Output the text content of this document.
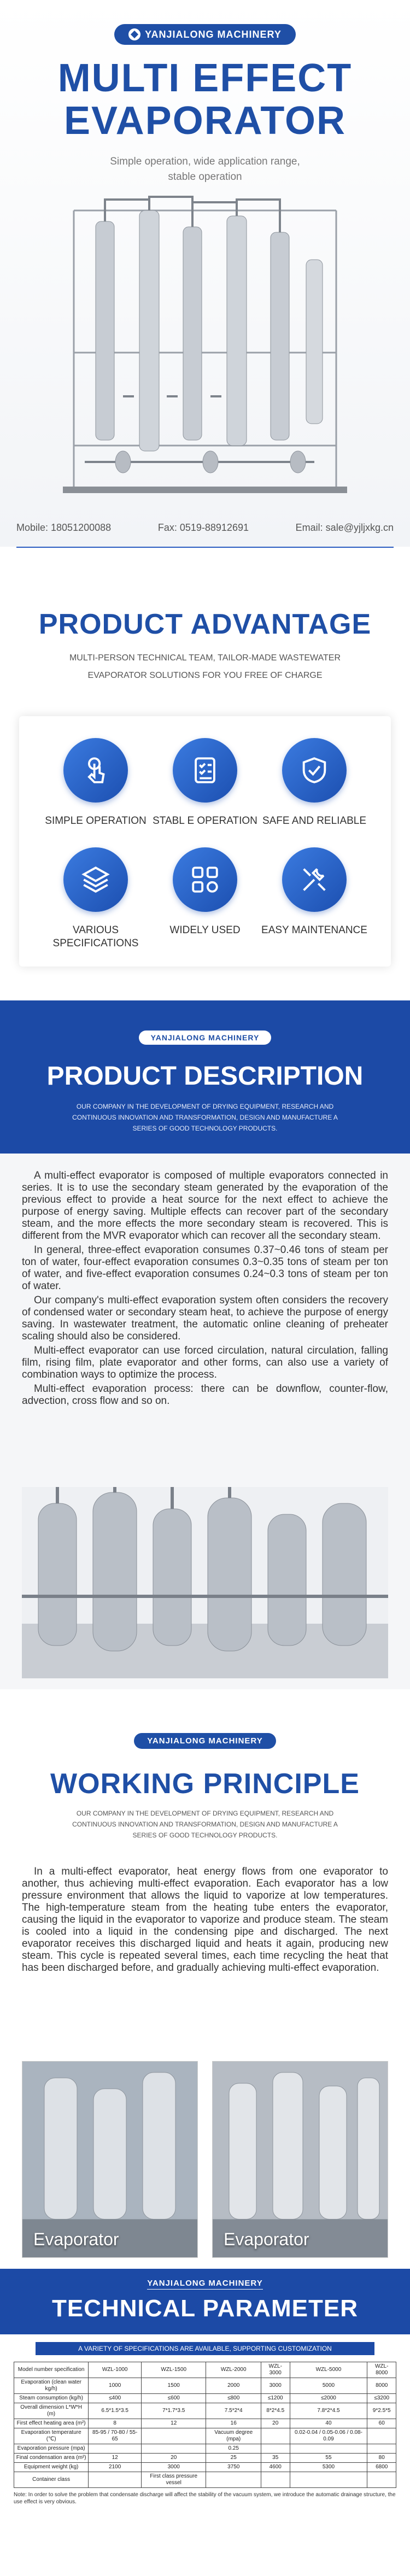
YANJIALONG MACHINERY
MULTI EFFECT
EVAPORATOR

Simple operation, wide application range, stable operation

Mobile: 18051200088	Fax: 0519-88912691	Email: sale@yjljxkg.cn
PRODUCT ADVANTAGE

MULTI-PERSON TECHNICAL TEAM, TAILOR-MADE WASTEWATER EVAPORATOR SOLUTIONS FOR YOU FREE OF CHARGE

SIMPLE OPERATION STABL E OPERATION SAFE AND RELIABLE
VARIOUS SPECIFICATIONS
WIDELY USED EASY MAINTENANCE
YANJIALONG MACHINERY
PRODUCT DESCRIPTION

OUR COMPANY IN THE DEVELOPMENT OF DRYING EQUIPMENT, RESEARCH AND CONTINUOUS INNOVATION AND TRANSFORMATION, DESIGN AND MANUFACTURE A SERIES OF GOOD TECHNOLOGY PRODUCTS.

A multi-effect evaporator is composed of multiple evaporators connected in series. It is to use the secondary steam generated by the evaporation of the previous effect to provide a heat source for the next effect to achieve the purpose of energy saving. Multiple effects can recover part of the secondary steam, and the more effects the more secondary steam is recovered. This is different from the MVR evaporator which can recover all the secondary steam.

In general, three-effect evaporation consumes 0.37~0.46 tons of steam per ton of water, four-effect evaporation consumes 0.3~0.35 tons of steam per ton of water, and five-effect evaporation consumes 0.24~0.3 tons of steam per ton of water.

Our company's multi-effect evaporation system often considers the recovery of condensed water or secondary steam heat, to achieve the purpose of energy saving. In wastewater treatment, the automatic online cleaning of preheater scaling should also be considered.

Multi-effect evaporator can use forced circulation, natural circulation, falling film, rising film, plate evaporator and other forms, can also use a variety of combination ways to optimize the process.

Multi-effect evaporation process: there can be downflow, counter-flow, advection, cross flow and so on.

YANJIALONG MACHINERY
WORKING PRINCIPLE

OUR COMPANY IN THE DEVELOPMENT OF DRYING EQUIPMENT, RESEARCH AND CONTINUOUS INNOVATION AND TRANSFORMATION, DESIGN AND MANUFACTURE A SERIES OF GOOD TECHNOLOGY PRODUCTS.

In a multi-effect evaporator, heat energy flows from one evaporator to another, thus achieving multi-effect evaporation. Each evaporator has a low pressure environment that allows the liquid to vaporize at low temperatures. The high-temperature steam from the heating tube enters the evaporator, causing the liquid in the evaporator to vaporize and produce steam. The steam is cooled into a liquid in the condensing pipe and discharged. The next evaporator receives this discharged liquid and heats it again, producing new steam. This cycle is repeated several times, each time recycling the heat that has been discharged before, and gradually achieving multi-effect evaporation.

Evaporator	Evaporator
YANJIALONG MACHINERY
TECHNICAL PARAMETER
A VARIETY OF SPECIFICATIONS ARE AVAILABLE, SUPPORTING CUSTOMIZATION
Model number specification	WZL-1000	WZL-1500	WZL-2000	WZL-3000	WZL-5000	WZL-8000
Evaporation (clean water kg/h)	1000	1500	2000	3000	5000	8000
Steam consumption (kg/h)	≤400	≤600	≤800	≤1200	≤2000	≤3200
Overall dimension L*W*H (m)	6.5*1.5*3.5	7*1.7*3.5	7.5*2*4	8*2*4.5	7.8*2*4.5	9*2.5*5
First effect heating area (m²)	8	12	16	20	40	60
Evaporation temperature (℃)	85-95 / 70-80 / 55-65		Vacuum degree (mpa)		0.02-0.04 / 0.05-0.06 / 0.08-0.09	
Evaporation pressure (mpa)			0.25			
Final condensation area (m²)	12	20	25	35	55	80
Equipment weight (kg)	2100	3000	3750	4600	5300	6800
Container class		First class pressure vessel				

Note: In order to solve the problem that condensate discharge will affect the stability of the vacuum system, we introduce the automatic drainage structure, the use effect is very obvious.
